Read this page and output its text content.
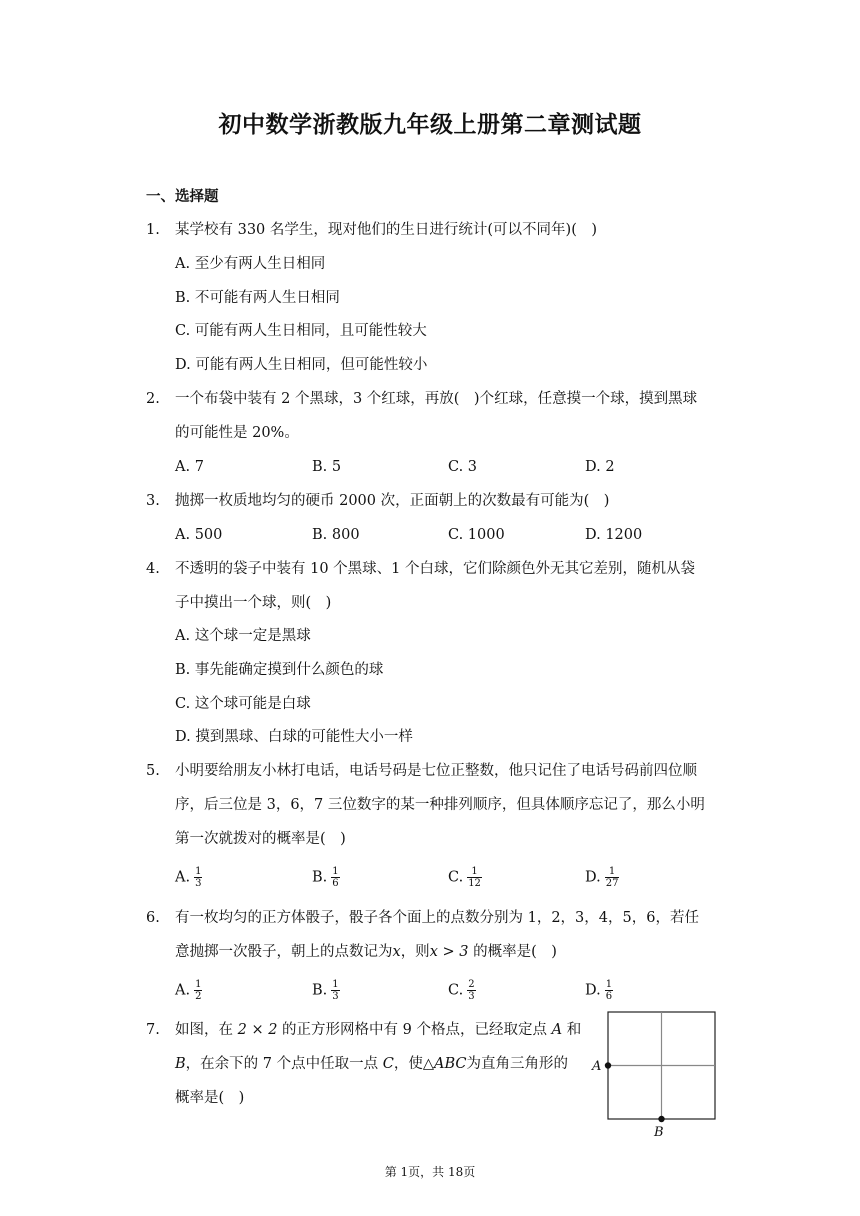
初中数学浙教版九年级上册第二章测试题
一、选择题
1. 某学校有 330 名学生，现对他们的生日进行统计(可以不同年)(　)
A. 至少有两人生日相同
B. 不可能有两人生日相同
C. 可能有两人生日相同，且可能性较大
D. 可能有两人生日相同，但可能性较小
2. 一个布袋中装有 2 个黑球，3 个红球，再放(　)个红球，任意摸一个球，摸到黑球
的可能性是 20%。
A. 7	B. 5	C. 3	D. 2
3. 抛掷一枚质地均匀的硬币 2000 次，正面朝上的次数最有可能为(　)
A. 500	B. 800	C. 1000	D. 1200
4. 不透明的袋子中装有 10 个黑球、1 个白球，它们除颜色外无其它差别，随机从袋
子中摸出一个球，则(　)
A. 这个球一定是黑球
B. 事先能确定摸到什么颜色的球
C. 这个球可能是白球
D. 摸到黑球、白球的可能性大小一样
5. 小明要给朋友小林打电话，电话号码是七位正整数，他只记住了电话号码前四位顺
序，后三位是 3，6，7 三位数字的某一种排列顺序，但具体顺序忘记了，那么小明
第一次就拨对的概率是(　)
A. $\frac{1}{3}$	B. $\frac{1}{6}$	C. $\frac{1}{12}$	D. $\frac{1}{27}$
6. 有一枚均匀的正方体骰子，骰子各个面上的点数分别为 1，2，3，4，5，6，若任
意抛掷一次骰子，朝上的点数记为x，则x > 3 的概率是(　)
A. $\frac{1}{2}$	B. $\frac{1}{3}$	C. $\frac{2}{3}$	D. $\frac{1}{6}$
7. 如图，在 2 × 2 的正方形网格中有 9 个格点，已经取定点 A 和
B，在余下的 7 个点中任取一点 C，使△ABC为直角三角形的
概率是(　)
A
B
第 1页，共 18页
